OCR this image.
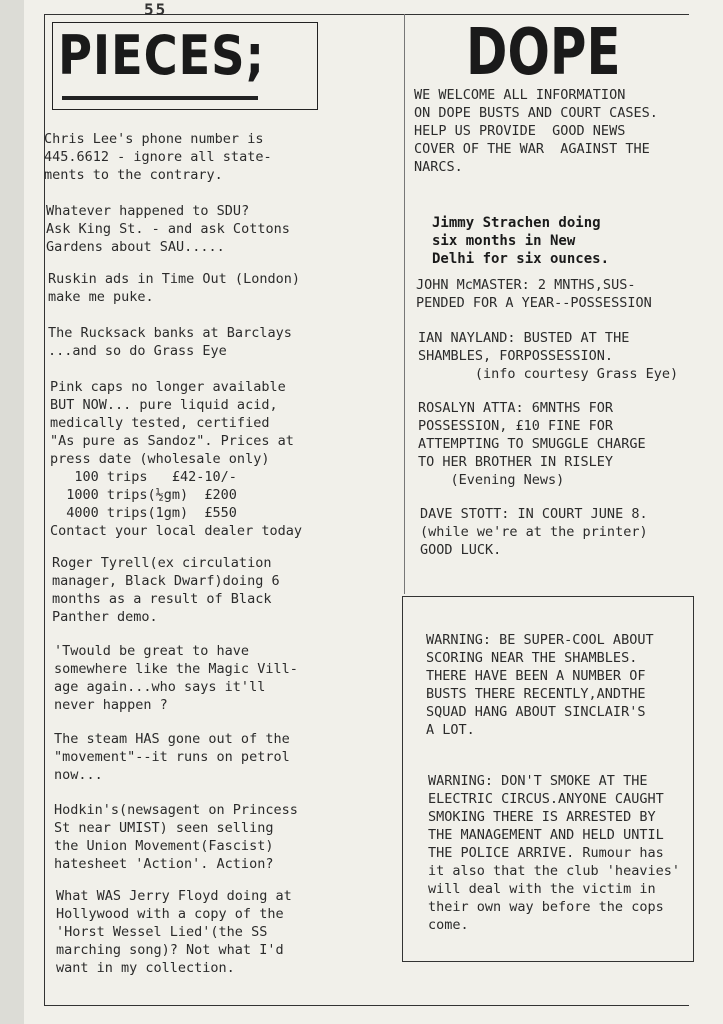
55
PIECES;

Chris Lee's phone number is
445.6612 - ignore all state-
ments to the contrary.

Whatever happened to SDU?
Ask King St. - and ask Cottons
Gardens about SAU.....

Ruskin ads in Time Out (London)
make me puke.

The Rucksack banks at Barclays
...and so do Grass Eye

Pink caps no longer available
BUT NOW... pure liquid acid,
medically tested, certified
"As pure as Sandoz". Prices at
press date (wholesale only)
100 trips   £42-10/-
1000 trips(½gm)  £200
4000 trips(1gm)  £550
Contact your local dealer today

Roger Tyrell(ex circulation
manager, Black Dwarf)doing 6
months as a result of Black
Panther demo.

'Twould be great to have
somewhere like the Magic Vill-
age again...who says it'll
never happen ?

The steam HAS gone out of the
"movement"--it runs on petrol
now...

Hodkin's(newsagent on Princess
St near UMIST) seen selling
the Union Movement(Fascist)
hatesheet 'Action'. Action?

What WAS Jerry Floyd doing at
Hollywood with a copy of the
'Horst Wessel Lied'(the SS
marching song)? Not what I'd
want in my collection.

DOPE

WE WELCOME ALL INFORMATION
ON DOPE BUSTS AND COURT CASES.
HELP US PROVIDE  GOOD NEWS
COVER OF THE WAR  AGAINST THE
NARCS.

Jimmy Strachen doing
six months in New
Delhi for six ounces.

JOHN McMASTER: 2 MNTHS,SUS-
PENDED FOR A YEAR--POSSESSION

IAN NAYLAND: BUSTED AT THE
SHAMBLES, FORPOSSESSION.
(info courtesy Grass Eye)

ROSALYN ATTA: 6MNTHS FOR
POSSESSION, £10 FINE FOR
ATTEMPTING TO SMUGGLE CHARGE
TO HER BROTHER IN RISLEY
(Evening News)

DAVE STOTT: IN COURT JUNE 8.
(while we're at the printer)
GOOD LUCK.

WARNING: BE SUPER-COOL ABOUT
SCORING NEAR THE SHAMBLES.
THERE HAVE BEEN A NUMBER OF
BUSTS THERE RECENTLY,ANDTHE
SQUAD HANG ABOUT SINCLAIR'S
A LOT.

WARNING: DON'T SMOKE AT THE
ELECTRIC CIRCUS.ANYONE CAUGHT
SMOKING THERE IS ARRESTED BY
THE MANAGEMENT AND HELD UNTIL
THE POLICE ARRIVE. Rumour has
it also that the club 'heavies'
will deal with the victim in
their own way before the cops
come.
